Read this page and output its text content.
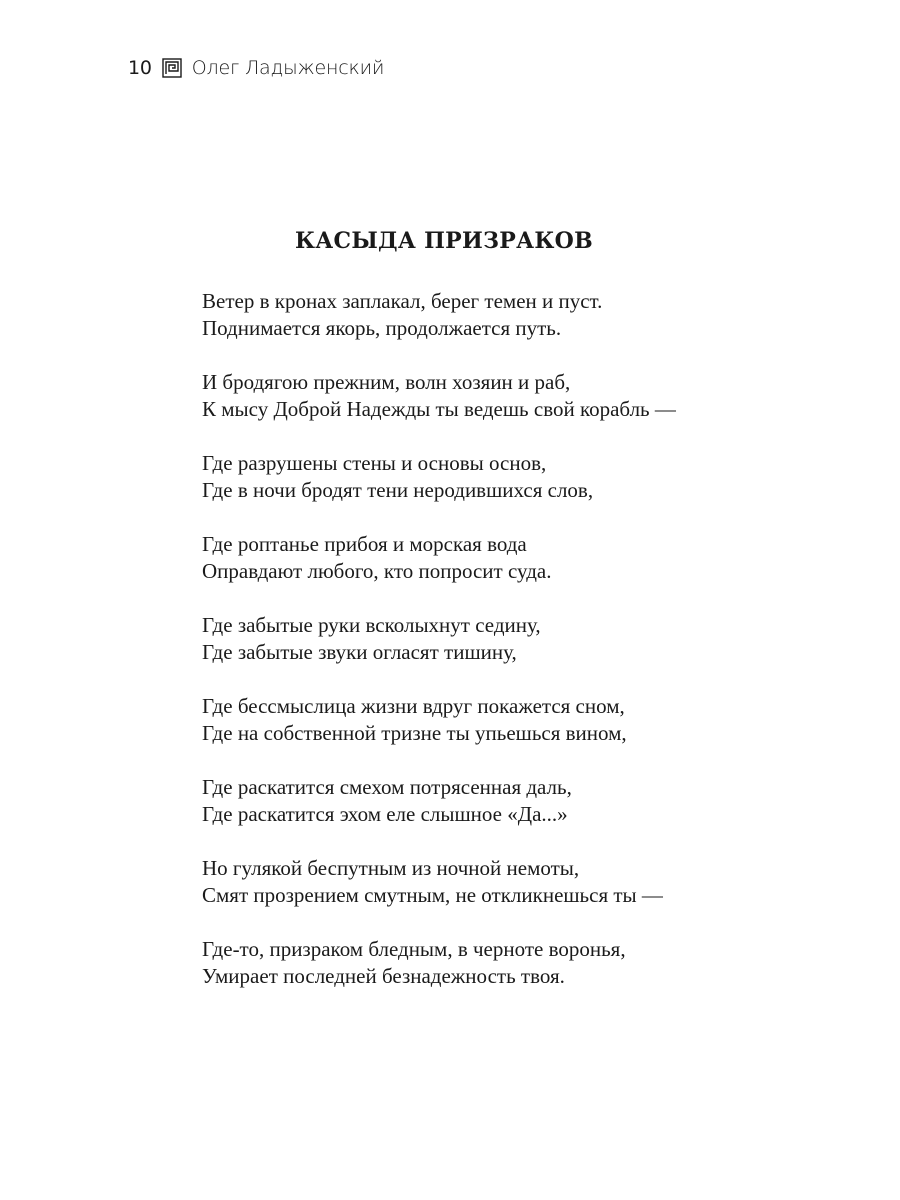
10 Олег Ладыженский
КАСЫДА ПРИЗРАКОВ
Ветер в кронах заплакал, берег темен и пуст.
Поднимается якорь, продолжается путь.
И бродягою прежним, волн хозяин и раб,
К мысу Доброй Надежды ты ведешь свой корабль —
Где разрушены стены и основы основ,
Где в ночи бродят тени неродившихся слов,
Где роптанье прибоя и морская вода
Оправдают любого, кто попросит суда.
Где забытые руки всколыхнут седину,
Где забытые звуки огласят тишину,
Где бессмыслица жизни вдруг покажется сном,
Где на собственной тризне ты упьешься вином,
Где раскатится смехом потрясенная даль,
Где раскатится эхом еле слышное «Да...»
Но гулякой беспутным из ночной немоты,
Смят прозрением смутным, не откликнешься ты —
Где-то, призраком бледным, в черноте воронья,
Умирает последней безнадежность твоя.
